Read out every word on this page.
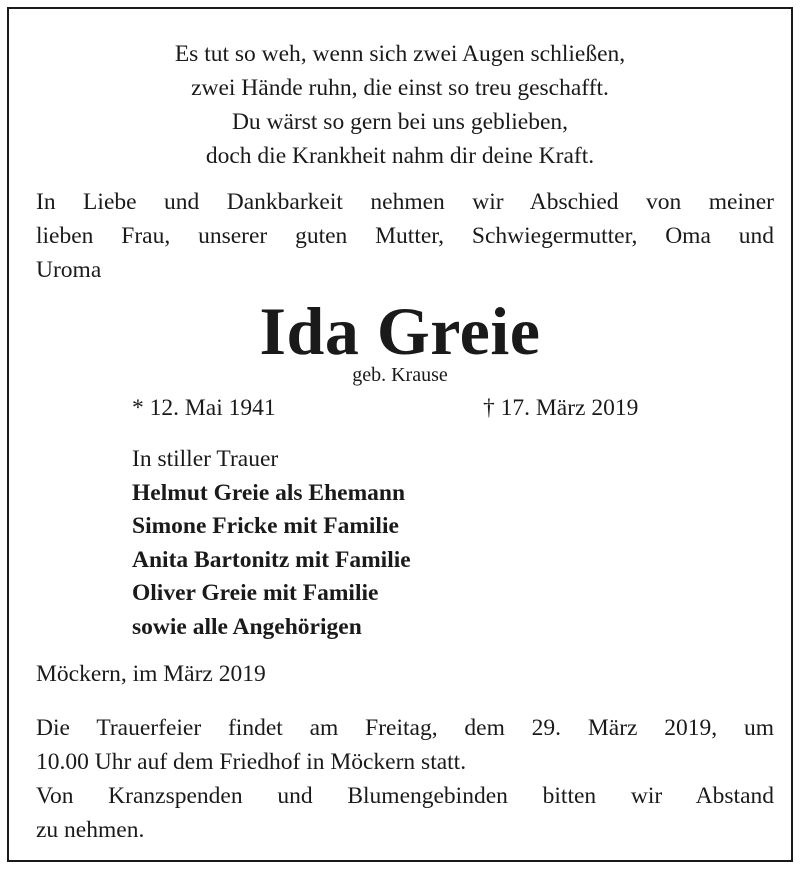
Es tut so weh, wenn sich zwei Augen schließen,
zwei Hände ruhn, die einst so treu geschafft.
Du wärst so gern bei uns geblieben,
doch die Krankheit nahm dir deine Kraft.
In Liebe und Dankbarkeit nehmen wir Abschied von meiner
lieben Frau, unserer guten Mutter, Schwiegermutter, Oma und
Uroma
Ida Greie
geb. Krause
* 12. Mai 1941	† 17. März 2019
In stiller Trauer
Helmut Greie als Ehemann
Simone Fricke mit Familie
Anita Bartonitz mit Familie
Oliver Greie mit Familie
sowie alle Angehörigen
Möckern, im März 2019
Die Trauerfeier findet am Freitag, dem 29. März 2019, um
10.00 Uhr auf dem Friedhof in Möckern statt.
Von Kranzspenden und Blumengebinden bitten wir Abstand
zu nehmen.
